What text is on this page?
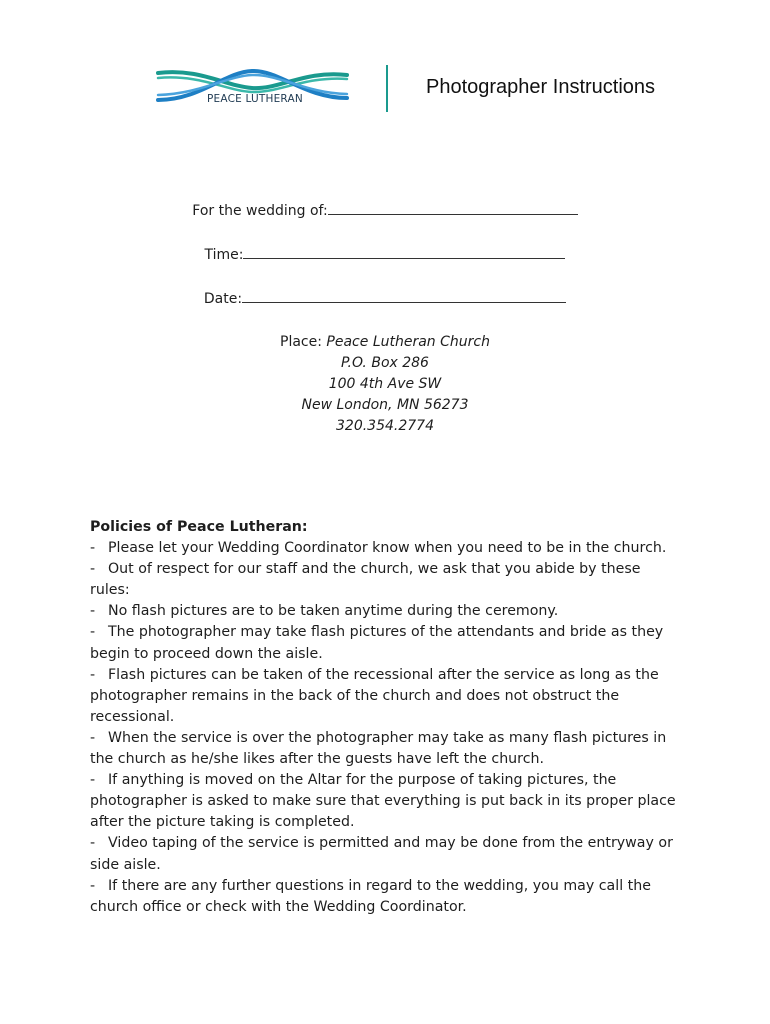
PEACE LUTHERAN
Photographer Instructions
For the wedding of:
Time:
Date:
Place: Peace Lutheran Church
P.O. Box 286
100 4th Ave SW
New London, MN 56273
320.354.2774

Policies of Peace Lutheran:

- Please let your Wedding Coordinator know when you need to be in the church.

- Out of respect for our staff and the church, we ask that you abide by these rules:

- No flash pictures are to be taken anytime during the ceremony.

- The photographer may take flash pictures of the attendants and bride as they begin to proceed down the aisle.

- Flash pictures can be taken of the recessional after the service as long as the photographer remains in the back of the church and does not obstruct the recessional.

- When the service is over the photographer may take as many flash pictures in the church as he/she likes after the guests have left the church.

- If anything is moved on the Altar for the purpose of taking pictures, the photographer is asked to make sure that everything is put back in its proper place after the picture taking is completed.

- Video taping of the service is permitted and may be done from the entryway or side aisle.

- If there are any further questions in regard to the wedding, you may call the church office or check with the Wedding Coordinator.
